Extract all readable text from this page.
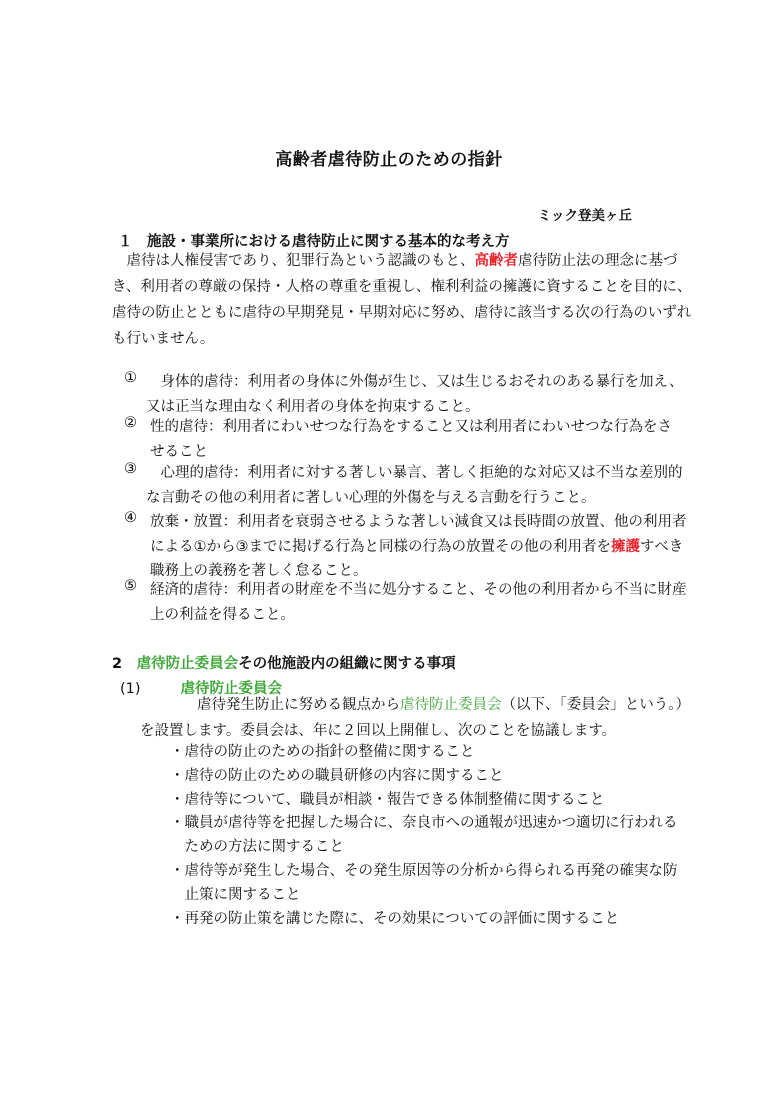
高齢者虐待防止のための指針
ミック登美ヶ丘
１　施設・事業所における虐待防止に関する基本的な考え方
　虐待は人権侵害であり、犯罪行為という認識のもと、高齢者虐待防止法の理念に基づ
き、利用者の尊厳の保持・人格の尊重を重視し、権利利益の擁護に資することを目的に、
虐待の防止とともに虐待の早期発見・早期対応に努め、虐待に該当する次の行為のいずれ
も行いません。
① 　身体的虐待：利用者の身体に外傷が生じ、又は生じるおそれのある暴行を加え、
又は正当な理由なく利用者の身体を拘束すること。
② 性的虐待：利用者にわいせつな行為をすること又は利用者にわいせつな行為をさ
せること
③ 　心理的虐待：利用者に対する著しい暴言、著しく拒絶的な対応又は不当な差別的
な言動その他の利用者に著しい心理的外傷を与える言動を行うこと。
④ 放棄・放置：利用者を衰弱させるような著しい減食又は長時間の放置、他の利用者
による①から③までに掲げる行為と同様の行為の放置その他の利用者を擁護すべき
職務上の義務を著しく怠ること。
⑤ 経済的虐待：利用者の財産を不当に処分すること、その他の利用者から不当に財産
上の利益を得ること。
2　 虐待防止委員会その他施設内の組織に関する事項
(1)	虐待防止委員会
虐待発生防止に努める観点から虐待防止委員会（以下、「委員会」という。）
を設置します。委員会は、年に２回以上開催し、次のことを協議します。
・虐待の防止のための指針の整備に関すること
・虐待の防止のための職員研修の内容に関すること
・虐待等について、職員が相談・報告できる体制整備に関すること
・職員が虐待等を把握した場合に、奈良市への通報が迅速かつ適切に行われる
　ための方法に関すること
・虐待等が発生した場合、その発生原因等の分析から得られる再発の確実な防
　止策に関すること
・再発の防止策を講じた際に、その効果についての評価に関すること
